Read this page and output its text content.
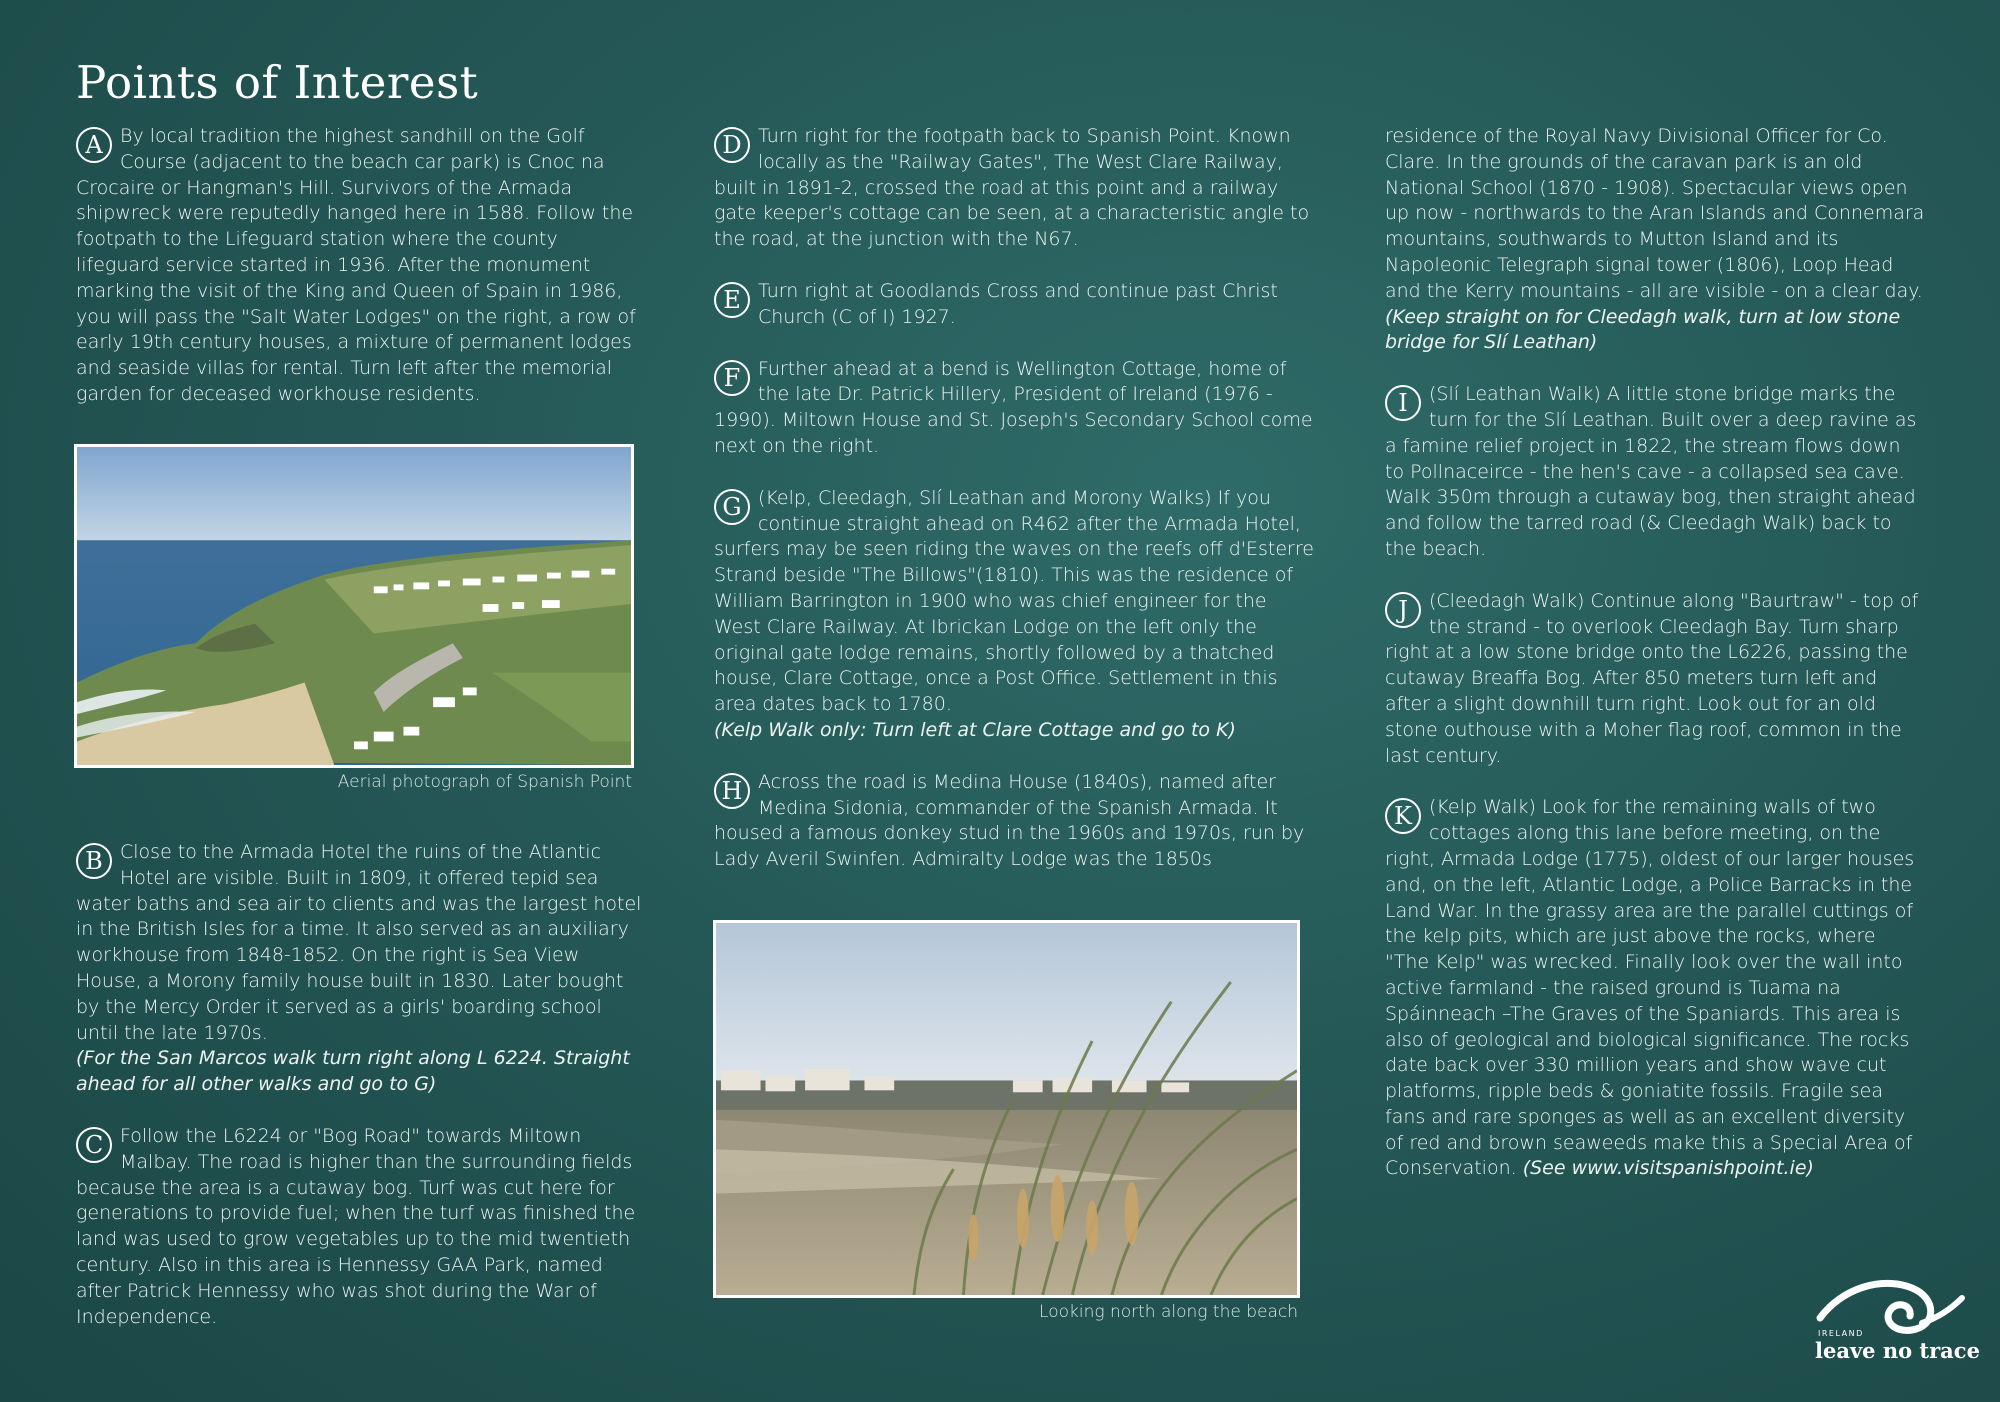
Points of Interest
A By local tradition the highest sandhill on the Golf Course (adjacent to the beach car park) is Cnoc na Crocaire or Hangman's Hill. Survivors of the Armada shipwreck were reputedly hanged here in 1588. Follow the footpath to the Lifeguard station where the county lifeguard service started in 1936. After the monument marking the visit of the King and Queen of Spain in 1986, you will pass the "Salt Water Lodges" on the right, a row of early 19th century houses, a mixture of permanent lodges and seaside villas for rental. Turn left after the memorial garden for deceased workhouse residents.
Aerial photograph of Spanish Point
B Close to the Armada Hotel the ruins of the Atlantic Hotel are visible. Built in 1809, it offered tepid sea water baths and sea air to clients and was the largest hotel in the British Isles for a time. It also served as an auxiliary workhouse from 1848-1852. On the right is Sea View House, a Morony family house built in 1830. Later bought by the Mercy Order it served as a girls' boarding school until the late 1970s.
(For the San Marcos walk turn right along L 6224. Straight ahead for all other walks and go to G)
C Follow the L6224 or "Bog Road" towards Miltown Malbay. The road is higher than the surrounding fields because the area is a cutaway bog. Turf was cut here for generations to provide fuel; when the turf was finished the land was used to grow vegetables up to the mid twentieth century. Also in this area is Hennessy GAA Park, named after Patrick Hennessy who was shot during the War of Independence.
D Turn right for the footpath back to Spanish Point. Known locally as the "Railway Gates", The West Clare Railway, built in 1891-2, crossed the road at this point and a railway gate keeper's cottage can be seen, at a characteristic angle to the road, at the junction with the N67.
E Turn right at Goodlands Cross and continue past Christ Church (C of I) 1927.
F Further ahead at a bend is Wellington Cottage, home of the late Dr. Patrick Hillery, President of Ireland (1976 - 1990). Miltown House and St. Joseph's Secondary School come next on the right.
G (Kelp, Cleedagh, Slí Leathan and Morony Walks) If you continue straight ahead on R462 after the Armada Hotel, surfers may be seen riding the waves on the reefs off d'Esterre Strand beside "The Billows"(1810). This was the residence of William Barrington in 1900 who was chief engineer for the West Clare Railway. At Ibrickan Lodge on the left only the original gate lodge remains, shortly followed by a thatched house, Clare Cottage, once a Post Office. Settlement in this area dates back to 1780.
(Kelp Walk only: Turn left at Clare Cottage and go to K)
H Across the road is Medina House (1840s), named after Medina Sidonia, commander of the Spanish Armada. It housed a famous donkey stud in the 1960s and 1970s, run by Lady Averil Swinfen. Admiralty Lodge was the 1850s
Looking north along the beach
residence of the Royal Navy Divisional Officer for Co. Clare. In the grounds of the caravan park is an old National School (1870 - 1908). Spectacular views open up now - northwards to the Aran Islands and Connemara mountains, southwards to Mutton Island and its Napoleonic Telegraph signal tower (1806), Loop Head and the Kerry mountains - all are visible - on a clear day.
(Keep straight on for Cleedagh walk, turn at low stone bridge for Slí Leathan)
I	(Slí Leathan Walk) A little stone bridge marks the turn for the Slí Leathan. Built over a deep ravine as a famine relief project in 1822, the stream flows down to Pollnaceirce - the hen's cave - a collapsed sea cave. Walk 350m through a cutaway bog, then straight ahead and follow the tarred road (& Cleedagh Walk) back to the beach.
J	(Cleedagh Walk) Continue along "Baurtraw" - top of the strand - to overlook Cleedagh Bay. Turn sharp right at a low stone bridge onto the L6226, passing the cutaway Breaffa Bog. After 850 meters turn left and after a slight downhill turn right. Look out for an old stone outhouse with a Moher flag roof, common in the last century.
K (Kelp Walk) Look for the remaining walls of two cottages along this lane before meeting, on the right, Armada Lodge (1775), oldest of our larger houses and, on the left, Atlantic Lodge, a Police Barracks in the Land War. In the grassy area are the parallel cuttings of the kelp pits, which are just above the rocks, where "The Kelp" was wrecked. Finally look over the wall into active farmland - the raised ground is Tuama na Spáinneach –The Graves of the Spaniards. This area is also of geological and biological significance. The rocks date back over 330 million years and show wave cut platforms, ripple beds & goniatite fossils. Fragile sea fans and rare sponges as well as an excellent diversity of red and brown seaweeds make this a Special Area of Conservation. (See www.visitspanishpoint.ie)
IRELAND
leave no trace
